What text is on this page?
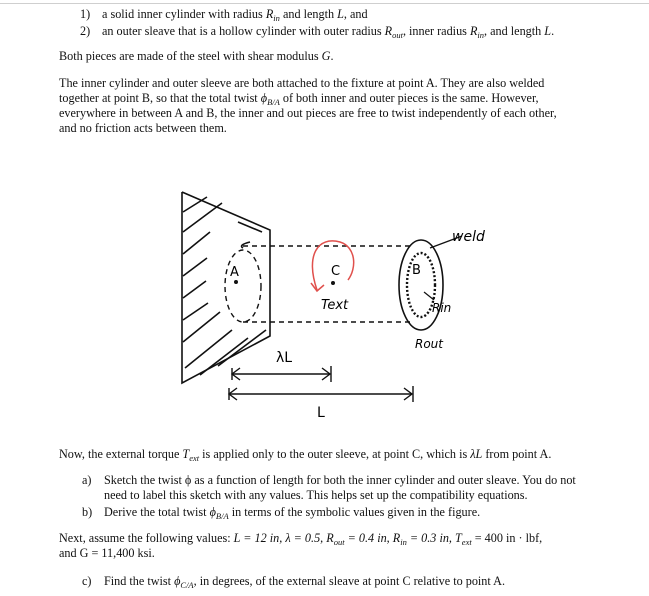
1) a solid inner cylinder with radius $R_{in}$ and length L, and
2) an outer sleave that is a hollow cylinder with outer radius $R_{out}$, inner radius $R_{in}$, and length L.
Both pieces are made of the steel with shear modulus G.
The inner cylinder and outer sleeve are both attached to the fixture at point A. They are also welded
together at point B, so that the total twist $\phi_{B/A}$ of both inner and outer pieces is the same. However,
everywhere in between A and B, the inner and out pieces are free to twist independently of each other,
and no friction acts between them.
weld
A	B
C
Text	Rin
Rout
λL
L
Now, the external torque $T_{ext}$ is applied only to the outer sleeve, at point C, which is λL from point A.
a) Sketch the twist ϕ as a function of length for both the inner cylinder and outer sleave. You do not
need to label this sketch with any values. This helps set up the compatibility equations.
b) Derive the total twist $\phi_{B/A}$ in terms of the symbolic values given in the figure.
Next, assume the following values: L = 12 in, λ = 0.5, $R_{out} = 0.4$ in, $R_{in} = 0.3$ in, $T_{ext} = 400$ in · lbf,
and G = 11,400 ksi.
c) Find the twist $\phi_{C/A}$, in degrees, of the external sleave at point C relative to point A.
